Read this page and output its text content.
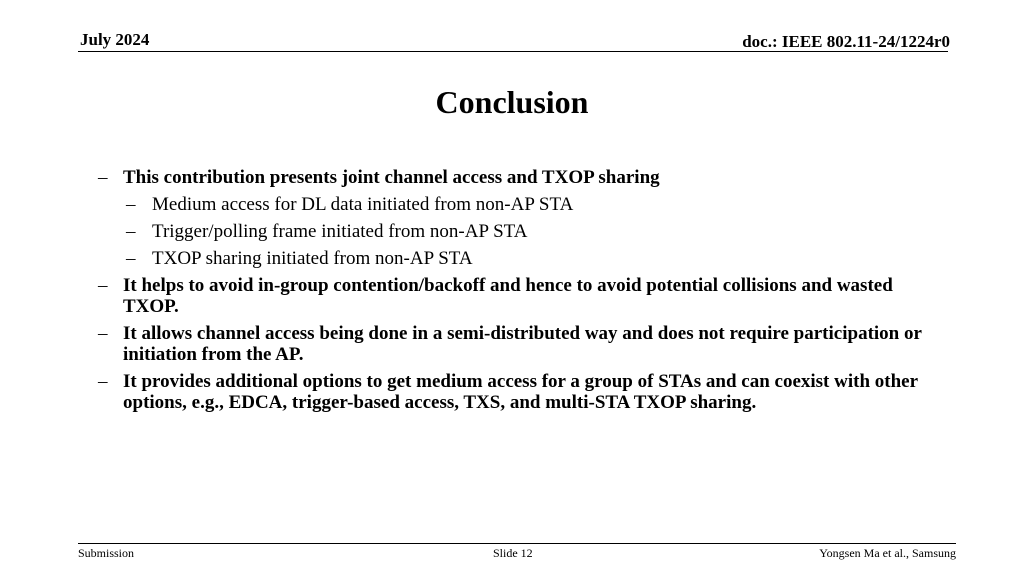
July 2024	doc.: IEEE 802.11-24/1224r0
Conclusion
– This contribution presents joint channel access and TXOP sharing
– Medium access for DL data initiated from non-AP STA
– Trigger/polling frame initiated from non-AP STA
– TXOP sharing initiated from non-AP STA
– It helps to avoid in-group contention/backoff and hence to avoid potential collisions and wasted TXOP.
– It allows channel access being done in a semi-distributed way and does not require participation or initiation from the AP.
– It provides additional options to get medium access for a group of STAs and can coexist with other options, e.g., EDCA, trigger-based access, TXS, and multi-STA TXOP sharing.
Submission	Slide 12	Yongsen Ma et al., Samsung
